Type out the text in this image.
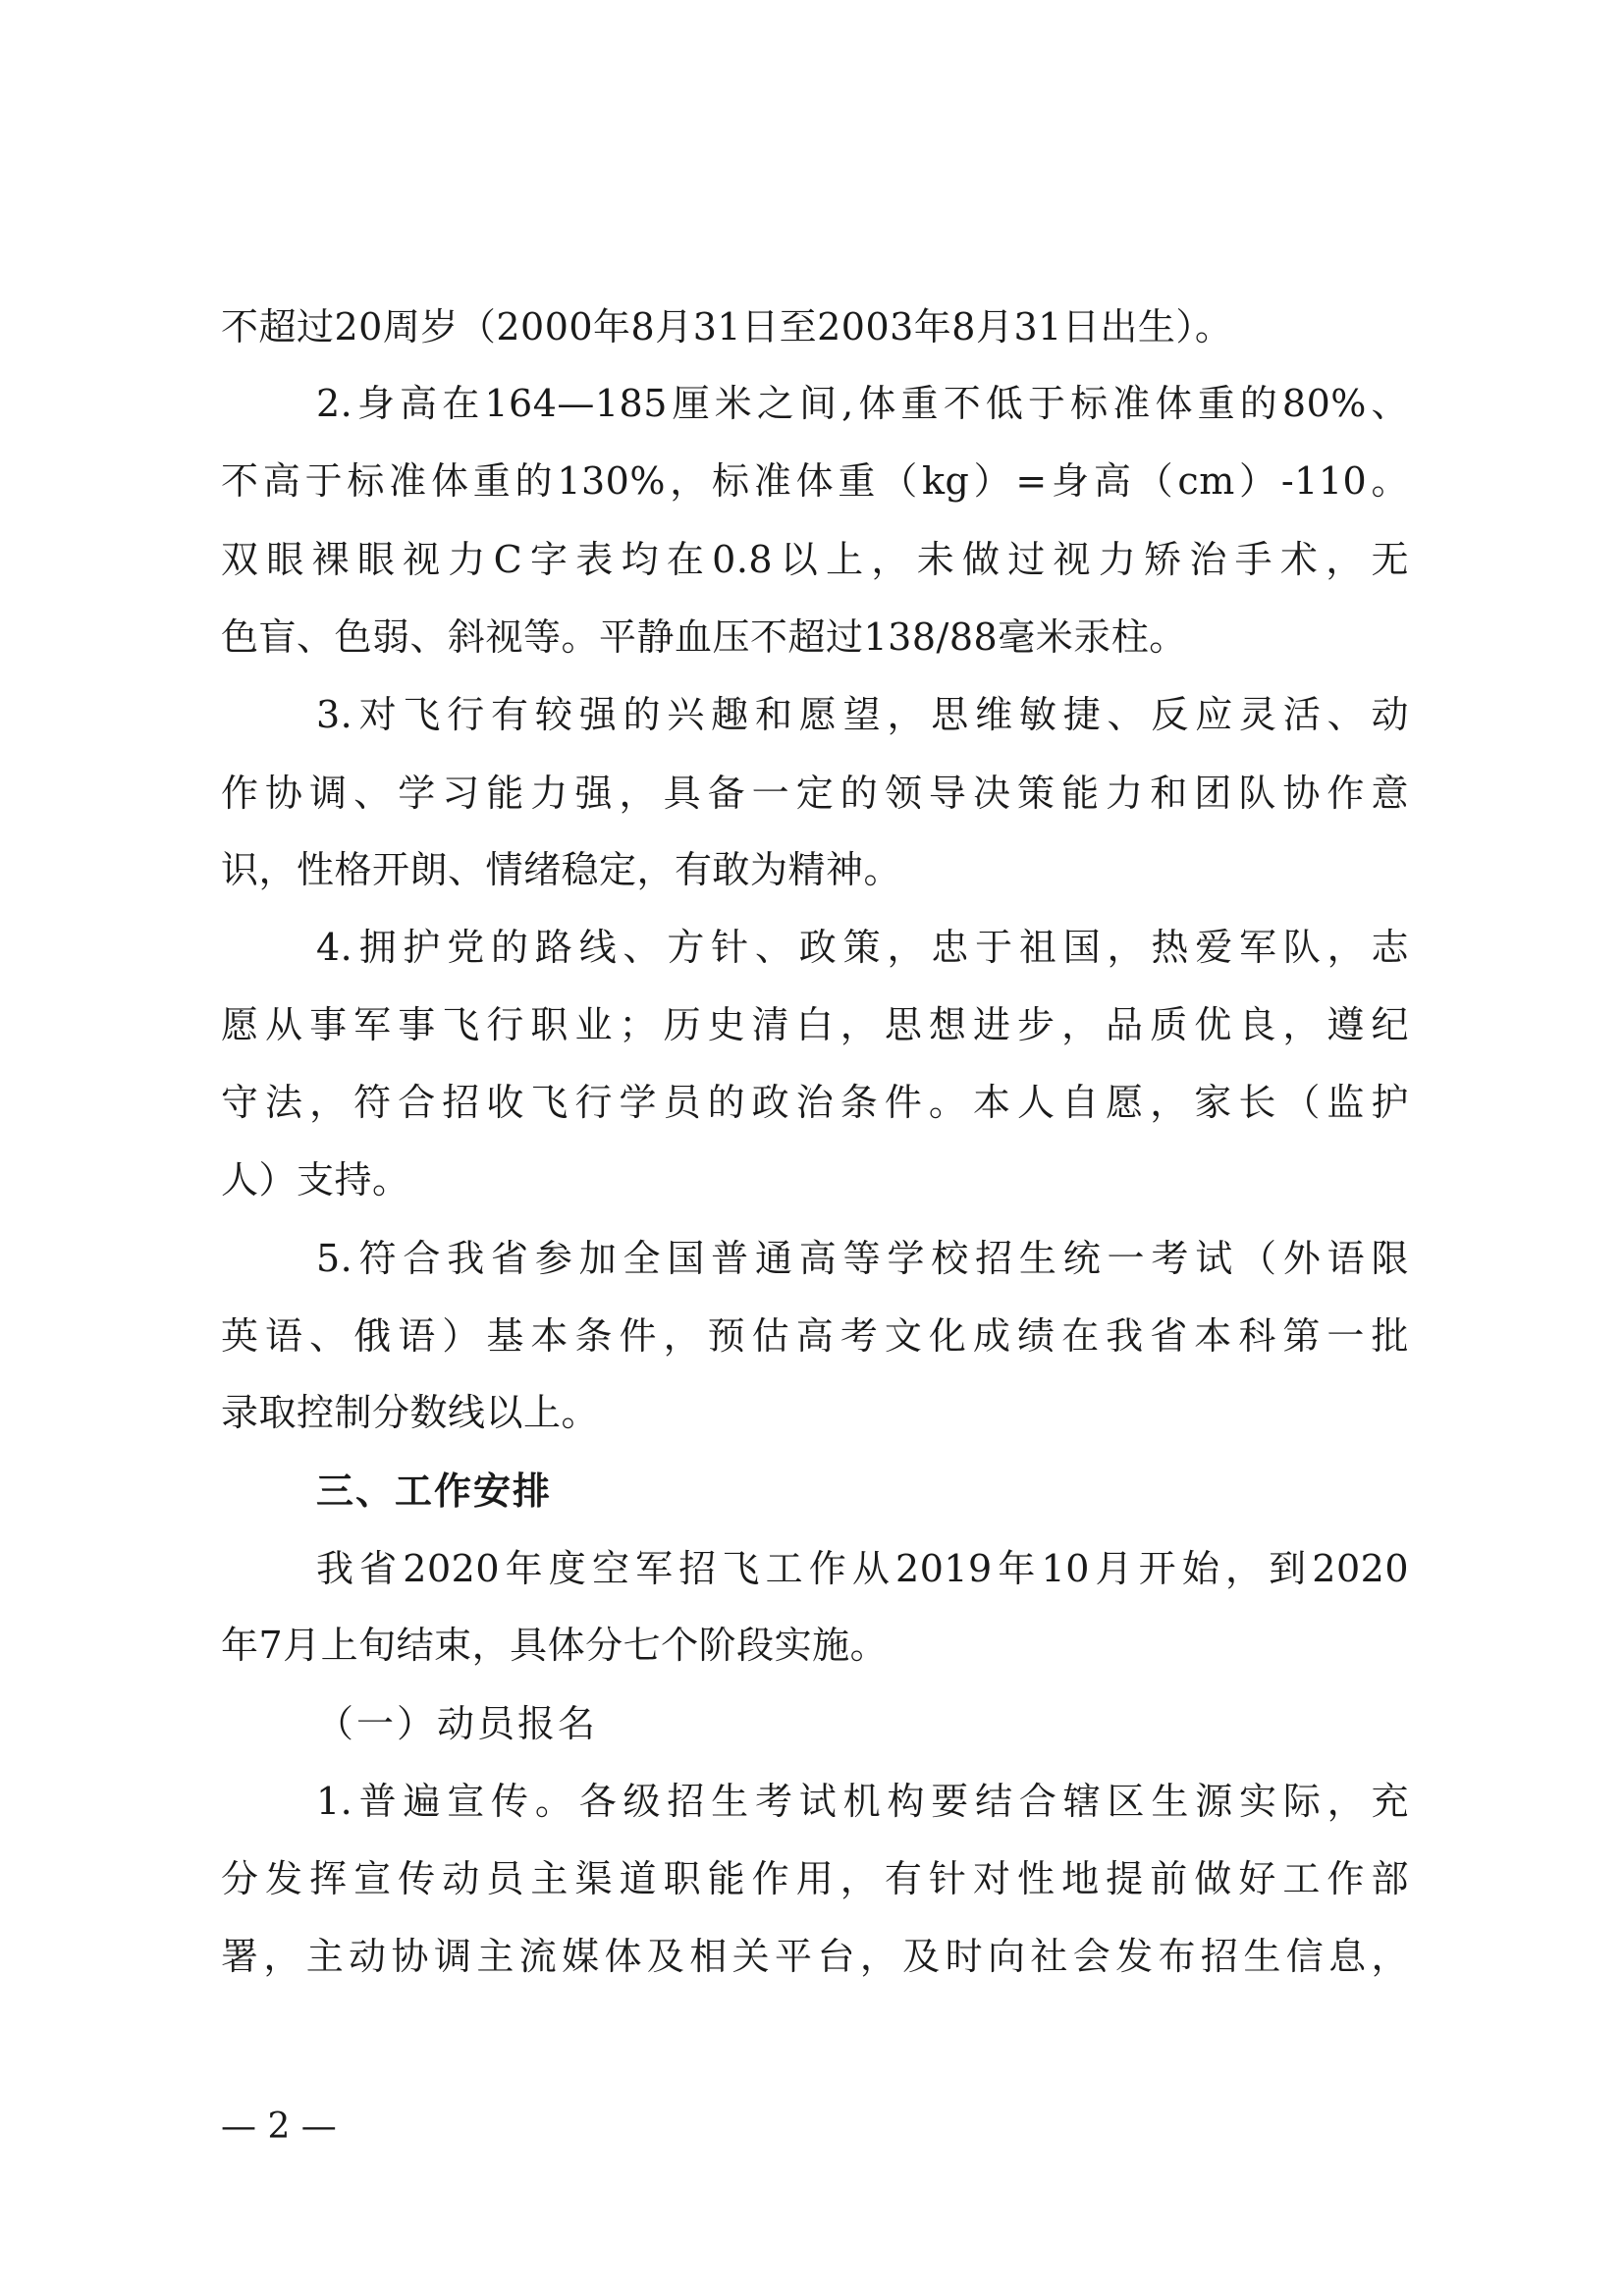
不超过20周岁（2000年8月31日至2003年8月31日出生）。
2.身高在164—185厘米之间,体重不低于标准体重的80%、
不高于标准体重的130%，标准体重（kg）=身高（cm）-110。
双眼裸眼视力C字表均在0.8以上，未做过视力矫治手术，无
色盲、色弱、斜视等。平静血压不超过138/88毫米汞柱。
3.对飞行有较强的兴趣和愿望，思维敏捷、反应灵活、动
作协调、学习能力强，具备一定的领导决策能力和团队协作意
识，性格开朗、情绪稳定，有敢为精神。
4.拥护党的路线、方针、政策，忠于祖国，热爱军队，志
愿从事军事飞行职业；历史清白，思想进步，品质优良，遵纪
守法，符合招收飞行学员的政治条件。本人自愿，家长（监护
人）支持。
5.符合我省参加全国普通高等学校招生统一考试（外语限
英语、俄语）基本条件，预估高考文化成绩在我省本科第一批
录取控制分数线以上。
三、工作安排
我省2020年度空军招飞工作从2019年10月开始，到2020
年7月上旬结束，具体分七个阶段实施。
（一）动员报名
1.普遍宣传。各级招生考试机构要结合辖区生源实际，充
分发挥宣传动员主渠道职能作用，有针对性地提前做好工作部
署，主动协调主流媒体及相关平台，及时向社会发布招生信息，
— 2 —
